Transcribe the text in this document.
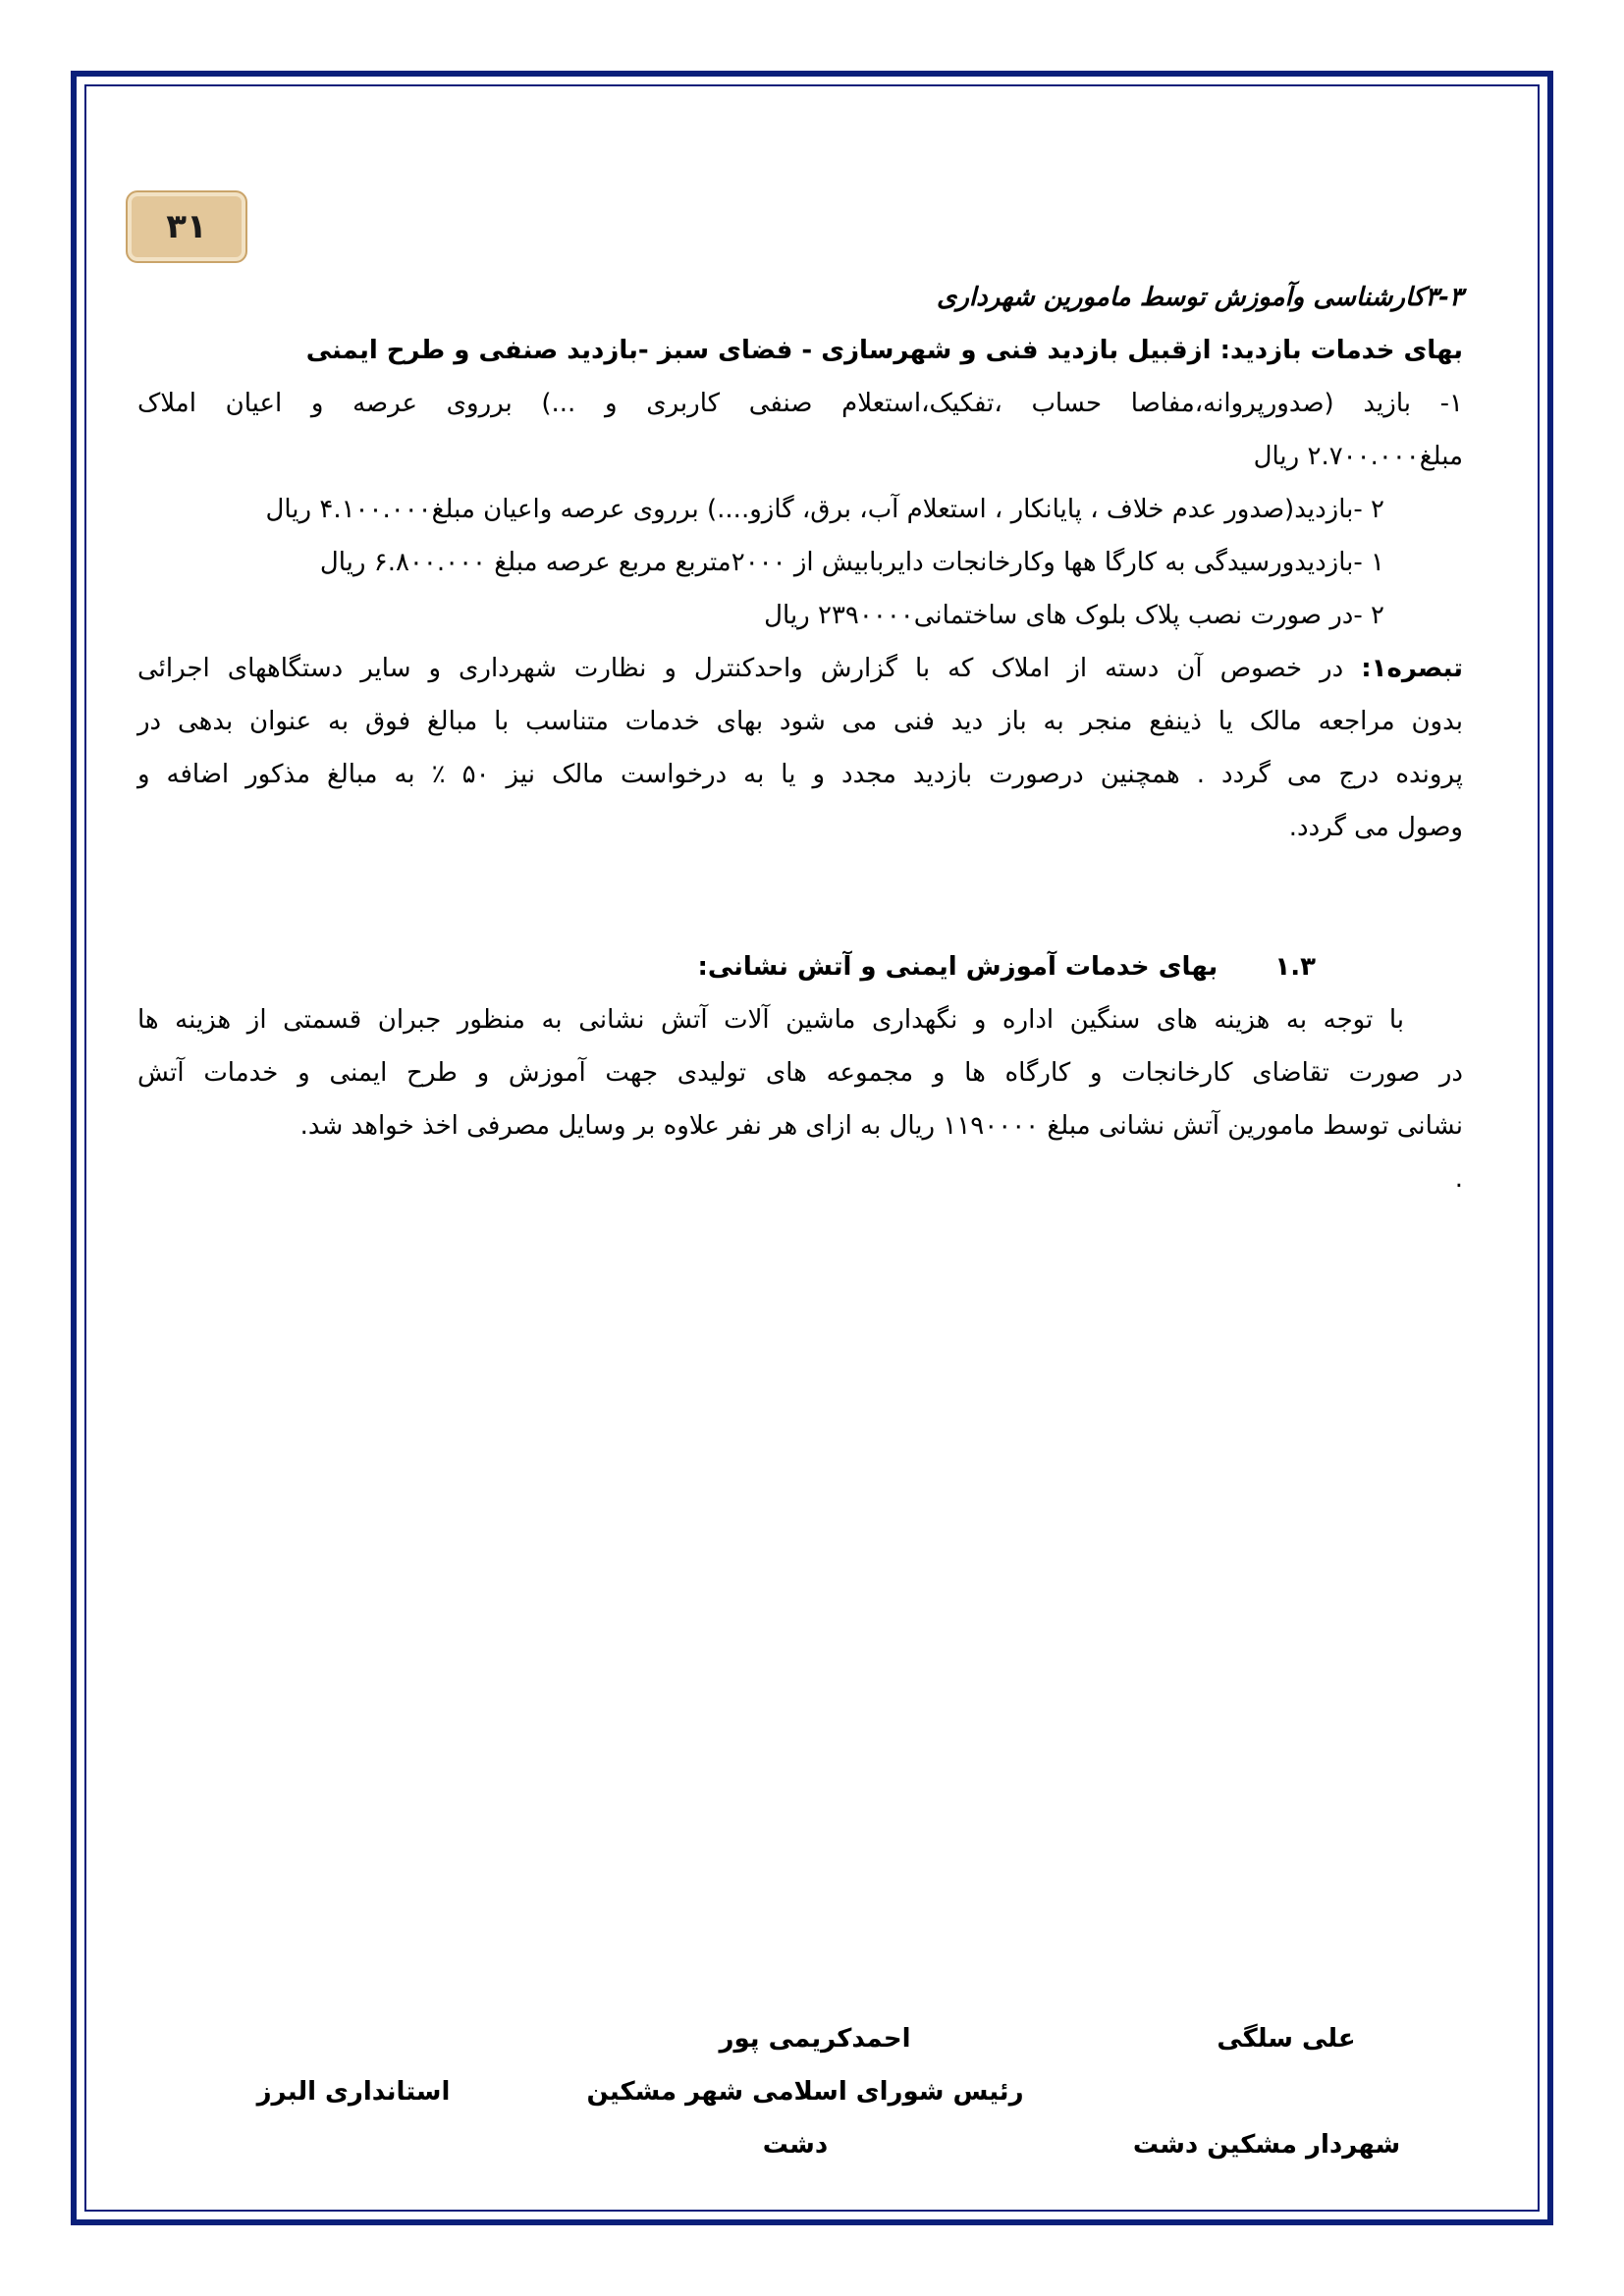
۳۱
۳-۳کارشناسی وآموزش توسط مامورین شهرداری
بهای خدمات بازدید: ازقبیل بازدید فنی و شهرسازی - فضای سبز -بازدید صنفی و طرح ایمنی
۱- بازید (صدورپروانه،مفاصا حساب ،تفکیک،استعلام صنفی کاربری و ...) برروی عرصه و اعیان املاک
مبلغ۲.۷۰۰.۰۰۰ ریال
۲ -بازدید(صدور عدم خلاف ، پایانکار ، استعلام آب، برق، گازو....) برروی عرصه واعیان مبلغ۴.۱۰۰.۰۰۰ ریال
۱ -بازدیدورسیدگی به کارگا هها وکارخانجات دایربابیش از ۲۰۰۰متربع مربع عرصه مبلغ ۶.۸۰۰.۰۰۰ ریال
۲ -در صورت نصب پلاک بلوک های ساختمانی۲۳۹۰۰۰۰ ریال
تبصره۱: در خصوص آن دسته از املاک که با گزارش واحدکنترل و نظارت شهرداری و سایر دستگاههای اجرائی
بدون مراجعه مالک یا ذینفع منجر به باز دید فنی می شود بهای خدمات متناسب با مبالغ فوق به عنوان بدهی در
پرونده درج می گردد . همچنین درصورت بازدید مجدد و یا به درخواست مالک نیز ۵۰ ٪ به مبالغ مذکور اضافه و
وصول می گردد.
۱.۳  بهای خدمات آموزش ایمنی و آتش نشانی:
با توجه به هزینه های سنگین اداره و نگهداری ماشین آلات آتش نشانی به منظور جبران قسمتی از هزینه ها
در صورت تقاضای کارخانجات و کارگاه ها و مجموعه های تولیدی جهت آموزش و طرح ایمنی و خدمات آتش
نشانی توسط مامورین آتش نشانی مبلغ ۱۱۹۰۰۰۰ ریال به ازای هر نفر علاوه بر وسایل مصرفی اخذ خواهد شد.
.
علی سلگی
شهردار مشکین دشت
احمدکریمی پور
رئیس شورای اسلامی شهر مشکین
دشت
استانداری البرز
